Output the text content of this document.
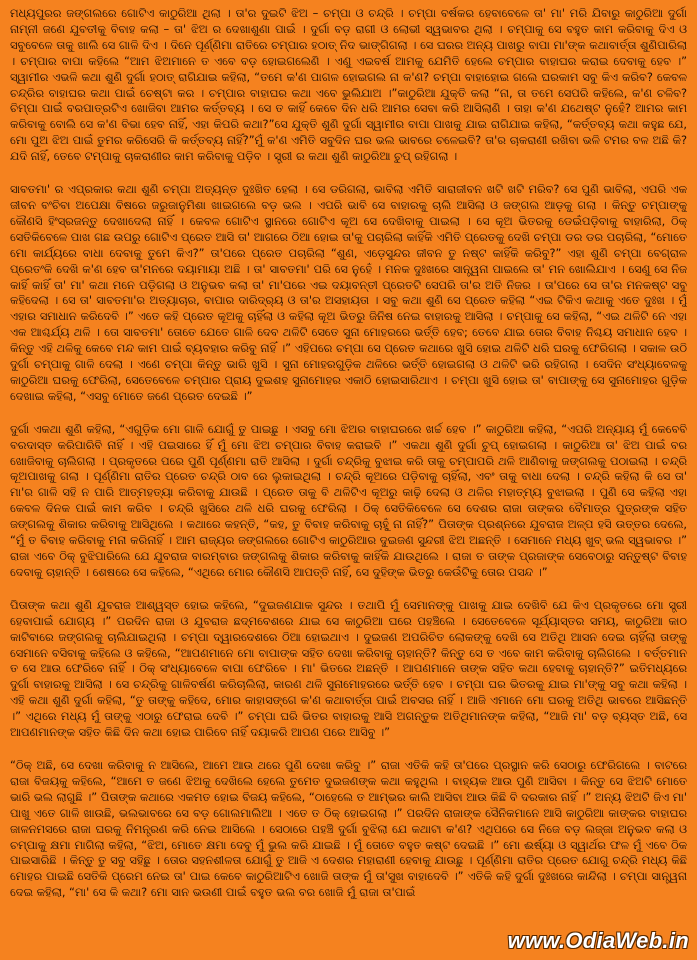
ମଧ୍ୟପୁରର ଜଙ୍ଗଲରେ ଗୋଟିଏ କାଠୁରିଆ ଥିଲା । ତା'ର ଦୁଇଟି ଝିଅ – ଚମ୍ପା ଓ ଚନ୍ଦ୍ରି । ଚମ୍ପା ବର୍ଷକର ହେବାବେଳେ ତା' ମା' ମରି ଯିବାରୁ କାଠୁରିଆ ଦୁର୍ଗା ନାମ୍ନୀ ଜଣେ ଯୁବତୀକୁ ବିବାହ କଲା – ତା' ଝିଅ ର ଦେଖାଶୁଣା ପାଇଁ । ଦୁର୍ଗା ବଡ଼ ରାଗୀ ଓ ଲୋଭୀ ସ୍ୱଭାବର ଥିଲା । ଚମ୍ପାକୁ ସେ ବହୁତ କାମ କରିବାକୁ ଦିଏ ଓ ସବୁବେଳେ ତାକୁ ଖାଲି ସେ ଗାଳି ଦିଏ । ଦିନେ ପୂର୍ଣ୍ଣିମା ରାତିରେ ଚମ୍ପାର ହଠାତ୍ ନିଦ ଭାଙ୍ଗିଗଲା । ସେ ଘରର ଅନ୍ୟ ପାଖରୁ ବାପା ମା'ଙ୍କ କଥାବାର୍ତ୍ତା ଶୁଣିପାରିଲା । ଚମ୍ପାର ବାପା କହିଲେ “ଆମ ଝିଅମାନେ ତ ଏବେ ବଡ଼ ହୋଇଗଲେଣି । ଏଣୁ ଏଇବର୍ଷ ଆମକୁ ଯେମିତି ହେଲେ ଚମ୍ପାର ବାହାଘର କରାଇ ଦେବାକୁ ହେବ ।” ସ୍ୱାମୀର ଏଭଳି କଥା ଶୁଣି ଦୁର୍ଗା ହଠାତ୍ ରାଗିଯାଇ କହିଲା, “ତମେ କ'ଣ ପାଗଳ ହୋଇଗଲ ନା କ'ଣ? ଚମ୍ପା ବାହାହୋଇ ଗଲେ ଘରକାମ ସବୁ କିଏ କରିବ? କେବଳ ଚନ୍ଦ୍ରିର ବାହାଘର କଥା ପାଇଁ ଚେଷ୍ଟା କର । ଚମ୍ପାର ବାହାଘର କଥା ଏବେ ଭୁଲିଯାଅ ।”କାଠୁରିଆ ଯୁକ୍ତି କଲା “ନା, ତା ତମେ ସେପରି କହିଲେ, କ'ଣ ଚଳିବ? ଚିମ୍ପା ପାଇଁ ବରପାତ୍ରଟିଏ ଖୋଜିବା ଆମର କର୍ତ୍ତବ୍ୟ । ସେ ତ କାହିଁ କେବେ ଦିନ ଧରି ଆମର ସେବା କରି ଆସିଲାଣି । ତାହା କ'ଣ ଯଥେଷ୍ଟ ନୁହେଁ? ଆମର କାମ କରିବାକୁ ବୋଲି ସେ କ'ଣ ବିଭା ହେବ ନାହିଁ, ଏହା କିପରି କଥା?”ସେ ଯୁକ୍ତି ଶୁଣି ଦୁର୍ଗା ସ୍ୱାମୀର ବାପା ପାଖକୁ ଯାଇ ରାଗିଯାଇ କହିଲା, “କର୍ତ୍ତବ୍ୟ କଥା କହୁଛ ଯେ, ମୋ ପୁଅ ଝିଅ ପାଇଁ ତୁମର କରିସେରି କି କର୍ତ୍ତବ୍ୟ ନାହିଁ?”ମୁଁ କ'ଣ ଏମିତି ସବୁଦିନ ଘର ଭଲ ଭାବରେ ଚଳେଇବି? ତା'ର ଚାକରାଣୀ ରଖିବା ଭଳି ଟମର ବଳ ଅଛି କି? ଯଦି ନାହିଁ, ତେବେ ଟମ୍ପାକୁ ଚାକରାଣୀର କାମ କରିବାକୁ ପଡ଼ିବ । ସ୍ତ୍ରୀ ର କଥା ଶୁଣି କାଠୁରିଆ ଚୁପ୍ ରହିଗଲା ।

ସାବତମା' ର ଏପ୍ରକାର କଥା ଶୁଣି ଚମ୍ପା ଅତ୍ୟନ୍ତ ଦୁଃଖିତ ହେଲା । ସେ ଡରିଗଲା, ଭାବିଲା ଏମିତି ସାରାଜୀବନ ଖଟି ଖଟି ମରିବ? ସେ ପୁଣି ଭାବିଲା, ଏପରି ଏକ ଜୀବନ ବଂଚିବା ଅପେକ୍ଷା ବିଷରେ ଜରୁଜାନୁମିଶା ଖାଇଗଲେ ବଡ଼ ଭଲ । ଏପରି ଭାବି ସେ ବାହାରକୁ ଚାଲି ଆସିଲା ଓ ଜଙ୍ଗଲ ଆଡ଼କୁ ଗଲା । କିନ୍ତୁ ଚମ୍ପାଙ୍କୁ କୌଣସି ହିଂସ୍ରଜନ୍ତୁ ଦେଖାଦେଲା ନାହିଁ । କେବଳ ଗୋଟିଏ ସ୍ଥାନରେ ଗୋଟିଏ କୂଅ ସେ ଦେଖିବାକୁ ପାଇଲା । ସେ କୂଅ ଭିତରକୁ ଡେଇଁପଡ଼ିବାକୁ ବାହାରିଲା, ଠିକ୍ ସେତିକିବେଳେ ପାଖ ଗଛ ଉପରୁ ଗୋଟିଏ ପ୍ରେତ ଆସି ତା' ଆଗରେ ଠିଆ ହୋଇ ତା'କୁ ପଚାରିଲା କାହିଁକି ଏମିତି ପ୍ରେତକୁ ଦେଖି ଚମ୍ପା ଡର ଡର ପଚାରିଲା, “ମୋତେ ମୋ କାର୍ଯ୍ୟରେ ବାଧା ଦେବାକୁ ତୁମେ କିଏ?” ତା'ପରେ ପ୍ରେତ ପଚାରିଲା “ଶୁଣ, ଏଡ଼େସୁନ୍ଦର ଜୀବନ ତୁ ନଷ୍ଟ କାହିଁକି କରିବୁ?” ଏହା ଶୁଣି ଚମ୍ପା ବେଗ୍ରାଳ ପ୍ରେତଂକି ଦେଖି କ'ଣ ହେବ ତା'ମନରେ ଦୟାମାୟା ଅଛି । ତା' ସାବତମା' ପରି ସେ ନୁହେଁ । ମନକ ଦୁଃଖରେ ସାନ୍ତ୍ୱନା ପାଇଲେ ତା' ମନ ଖୋଲିଯାଏ । ସେଣୁ ସେ ନିଜ କାହିଁ କାହିଁ ତା' ମା' କଥା ମନେ ପଡ଼ିଗଲା ଓ ଅନୁଭବ କଲା ତା' ମା'ପରେ ଏଇ ଦୟାବନ୍ତୀ ପ୍ରେତଟି ସେପରି ତା'ର ଅତି ନିଜର । ତା'ପରେ ସେ ତା'ର ମନକଷ୍ଟ ସବୁ କହିଦେଲା । ସେ ତା' ସାବତମା'ର ଅତ୍ୟାଚାର, ବାପାର ଦାରିଦ୍ର୍ୟ ଓ ତା'ର ଅସହାୟତା । ସବୁ କଥା ଶୁଣି ସେ ପ୍ରେତ କହିଲା “ଏଇ ଟିକିଏ କଥାକୁ ଏତେ ଦୁଃଖ । ମୁଁ ଏହାର ସମାଧାନ କରିଦେବି ।” ଏତେ କହି ପ୍ରେତ କୂଅକୁ ଚାହିଁଲା ଓ କହିଲା କୂଅ ଭିତରୁ ଜିନିଷ ନେଇ ବାହାରକୁ ଆସିଲା । ଚମ୍ପାକୁ ସେ କହିଲା, “ଏଇ ଥଳିଟି ନେ ଏହା ଏକ ଆଶ୍ଚର୍ଯ୍ୟ ଥଳି । ତୋ ସାବତମା' ତୋତେ ଯେତେ ଗାଳି ଦେବ ଥଳିଟି ସେତେ ସୁନା ମୋହରରେ ଭର୍ତ୍ତି ହେବ; ତେବେ ଯାଇ ତୋର ବିବାହ ନିଶ୍ଚୟ ସମାଧାନ ହେବ । କିନ୍ତୁ ଏହି ଥଳିକୁ କେବେ ମନ୍ଦ କାମ ପାଇଁ ବ୍ୟବହାର କରିବୁ ନାହିଁ ।” ଏହିପରେ ଚମ୍ପା ସେ ପ୍ରେତ କଥାରେ ଖୁସି ହୋଇ ଥଳିଟି ଧରି ଘରକୁ ଫେରିଗଲା । ସକାଳ ଉଠି ଦୁର୍ଗା ଚମ୍ପାକୁ ଗାଳି ଦେଲା । ଏଣେ ଚମ୍ପା କିନ୍ତୁ ଭାରି ଖୁସି । ସୁନା ମୋହରଗୁଡ଼ିକ ଥଳିରେ ଭର୍ତ୍ତି ହୋଇଗଲା ଓ ଥଳିଟି ଭରି ରହିଗଲା । ସେଦିନ ସଂଧ୍ୟାବେଳକୁ କାଠୁରିଆ ଘରକୁ ଫେରିଲା, ସେତେବେଳେ ଚମ୍ପାର ପ୍ରାୟ ଦୁଇଶହ ସୁନାମୋହର ଏକାଠି ହୋଇସାରିଥାଏ । ଚମ୍ପା ଖୁସି ହୋଇ ତା' ବାପାଙ୍କୁ ସେ ସୁନାମୋହର ଗୁଡ଼ିକ ଦେଖାଇ କହିଲା, “ଏସବୁ ମୋତେ ଜଣେ ପ୍ରେତ ଦେଇଛି ।”

ଦୁର୍ଗା ଏକଥା ଶୁଣି କହିଲା, “ଏଗୁଡ଼ିକ ମୋ ଗାଳି ଯୋଗୁଁ ତୁ ପାଇଛୁ । ଏସବୁ ମୋ ଝିଅର ବାହାଘରରେ ଖର୍ଚ୍ଚ ହେବ ।” କାଠୁରିଆ କହିଲା, “ଏପରି ଅନ୍ୟାୟ ମୁଁ କେବେବି ବରଦାସ୍ତ କରିପାରିବି ନାହିଁ । ଏହି ପଇସାରେ ହିଁ ମୁଁ ମୋ ଝିଅ ଚମ୍ପାର ବିବାହ କରାଇବି ।” ଏକଥା ଶୁଣି ଦୁର୍ଗା ଚୁପ୍ ହୋଇଗଲା । କାଠୁରିଆ ତା' ଝିଅ ପାଇଁ ବର ଖୋଜିବାକୁ ଚାଲିଗଲା । ପ୍ରକୃତରେ ପରେ ପୁଣି ପୂର୍ଣ୍ଣମା ରାତି ଆସିଲା । ଦୁର୍ଗା ଚନ୍ଦ୍ରିକୁ ବୁଝାଇ କରି ତାକୁ ଚମ୍ପାପରି ଥଳି ଆଣିବାକୁ ଜଙ୍ଗଲକୁ ପଠାଇଲା । ଚନ୍ଦ୍ରି କୂଅପାଖକୁ ଗଲା । ପୂର୍ଣ୍ଣିମା ରାତିର ପ୍ରେତ ଚନ୍ଦ୍ରି ଠାବ ରେ ଲୁକାଇଥିଲା । ଚନ୍ଦ୍ରି କୂଅରେ ପଡ଼ିବାକୁ ଚାହିଁଲା, ଏବଂ ତାକୁ ବାଧା ଦେଲା । ଚନ୍ଦ୍ରି କହିଲା କି ସେ ତା' ମା'ର ଗାଳି ସହି ନ ପାରି ଆତ୍ମହତ୍ୟା କରିବାକୁ ଯାଉଛି । ପ୍ରେତ ତାକୁ ବି ଥଳିଟିଏ କୂଅରୁ କାଢ଼ି ଦେଲା ଓ ଥଳିର ମହାତ୍ମ୍ୟ ବୁଝାଇଲା । ପୁଣି ସେ କହିଲା ଏହା କେବଳ ଦିନକ ପାଇଁ କାମ କରିବ । ଚନ୍ଦ୍ରି ଖୁସିରେ ଥଳି ଧରି ଘରକୁ ଫେରିଲା । ଠିକ୍ ସେତିକିବେଳେ ସେ ଦେଶର ରାଜା ତାଙ୍କର ବୈମାତ୍ର ପୁତ୍ରଙ୍କ ସହିତ ଜଙ୍ଗଲକୁ ଶିକାର କରିବାକୁ ଆସିଥିଲେ । କଥାରେ କହନ୍ତି, “କହ, ତୁ ବିବାହ କରିବାକୁ ଚାହୁଁ ନା ନାହିଁ?” ପିତାଙ୍କ ପ୍ରଶ୍ନରେ ଯୁବରାଜ ଅଳ୍ପ ହସି ଉତ୍ତର ଦେଲେ, “ମୁଁ ତ ବିବାହ କରିବାକୁ ମନା କରିନାହିଁ । ଆମ ରାଜ୍ୟର ଜଙ୍ଗଲରେ ଗୋଟିଏ କାଠୁରିଆର ଦୁଇଜଣ ସୁନ୍ଦରୀ ଝିଅ ଅଛନ୍ତି । ସେମାନେ ମଧ୍ୟ ଖୁବ୍ ଭଲ ସ୍ୱଭାବର ।” ରାଜା ଏବେ ଠିକ୍ ବୁଝିପାରିଲେ ଯେ ଯୁବରାଜ ବାରମ୍ବାର ଜଙ୍ଗଲକୁ ଶିକାର କରିବାକୁ କାହିଁକି ଯାଉଥିଲେ । ରାଜା ତ ତାଙ୍କ ପ୍ରଜାଙ୍କ ସେବେଠାରୁ ସନ୍ତୁଷ୍ଟ ବିବାହ ଦେବାକୁ ଚାହାନ୍ତି । ଶେଷରେ ସେ କହିଲେ, “ଏଥିରେ ମୋର କୌଣସି ଆପତ୍ତି ନାହିଁ, ସେ ଦୁହିଙ୍କ ଭିତରୁ କେଉଁଟିକୁ ତୋର ପସନ୍ଦ ।”

ପିତାଙ୍କ କଥା ଶୁଣି ଯୁବରାଜ ଆଶ୍ୱସ୍ତ ହୋଇ କହିଲେ, “ଦୁଇଜଣଯାକ ସୁନ୍ଦର । ତଥାପି ମୁଁ ସେମାନଙ୍କୁ ପାଖକୁ ଯାଇ ଦେଖିବି ଯେ କିଏ ପ୍ରକୃତରେ ମୋ ସ୍ତ୍ରୀ ହେବାପାଇଁ ଯୋଗ୍ୟ ।” ପରଦିନ ରାଜା ଓ ଯୁବରାଜ ଛଦ୍ମବେଶରେ ଯାଇ ସେ କାଠୁରିଆ ଘରେ ପହଞ୍ଚିଲେ । ସେତେବେଳେ ସୂର୍ଯ୍ୟାସ୍ତର ସମୟ, କାଠୁରିଆ କାଠ କାଟିବାରେ ଜଙ୍ଗଲକୁ ଚାଲିଯାଇଥିଲା । ଚମ୍ପା ଦ୍ୱାରଦେଶରେ ଠିଆ ହୋଇଥାଏ । ଦୁଇଜଣ ଅପରିଚିତ ଲୋକଙ୍କୁ ଦେଖି ସେ ଅତିଥି ଆସନ ଦେଇ ଚାହିଁଲା ତାଙ୍କୁ ସେମାନେ ବସିବାକୁ କହିଲେ ଓ କହିଲେ, “ଆପଣମାନେ ମୋ ବାପାଙ୍କ ସହିତ ଦେଖା କରିବାକୁ ଚାହାନ୍ତି? କିନ୍ତୁ ସେ ତ ଏବେ କାମ କରିବାକୁ ଚାଲିଗଲେ । ବର୍ତ୍ତମାନ ତ ସେ ଆଉ ଫେରିବେ ନାହିଁ । ଠିକ୍ ସଂଧ୍ୟାବେଳେ ବାପା ଫେରିବେ । ମା' ଭିତରେ ଅଛନ୍ତି । ଆପଣମାନେ ତାଙ୍କ ସହିତ କଥା ହେବାକୁ ଚାହାନ୍ତି?” ଇତିମଧ୍ୟରେ ଦୁର୍ଗା ବାହାରକୁ ଆସିଲା । ସେ ଚନ୍ଦ୍ରିକୁ ଗାଳିବର୍ଷଣ କରିଚାଲିଲା, କାରଣ ଥଳି ସୁନାମୋହରରେ ଭର୍ତ୍ତି ହେବ । ଚମ୍ପା ଘର ଭିତରକୁ ଯାଇ ମା'ଙ୍କୁ ସବୁ କଥା କହିଲା । ଏହି କଥା ଶୁଣି ଦୁର୍ଗା କହିଲା, “ତୁ ତାଙ୍କୁ କହିଦେ, ମୋର କାହାସଙ୍ଗେ କ'ଣ କଥାବାର୍ତ୍ତା ପାଇଁ ଅବସର ନାହିଁ । ଆଜି ଏମାନେ ମୋ ଘରକୁ ଅତିଥି ଭାବରେ ଆସିଛନ୍ତି ।” ଏଥିରେ ମଧ୍ୟ ମୁଁ ତାଙ୍କୁ ଏଠାରୁ ଫେରାଇ ଦେବି ।” ଚମ୍ପା ଘରି ଭିତର ବାହାରକୁ ଆସି ଅଗନ୍ତୁକ ଅତିଥିମାନଙ୍କ କହିଲା, “ଆଜି ମା' ବଡ଼ ବ୍ୟସ୍ତ ଅଛି, ସେ ଆପଣମାନଙ୍କ ସହିତ କିଛି ଦିନ କଥା ହୋଇ ପାରିବେ ନାହିଁ ଦୟାକରି ଆପଣ ପରେ ଆସିବୁ ।”

“ଠିକ୍ ଅଛି, ସେ ଦେଖା କରିବାକୁ ନ ଆସିଲେ, ଆମେ ଆଉ ଥରେ ପୁଣି ଦେଖା କରିବୁ ।” ରାଜା ଏତିକି କହି ତା'ପରେ ପ୍ରସ୍ଥାନ କରି ସେଠାରୁ ଫେରିଗଲେ । ବାଟରେ ରାଜା ବିଜୟକୁ କହିଲେ, “ଆମେ ତ ଜଣେ ଝିଅକୁ ଦେଖିଲେ ହେଲେ ତୁମେତ ଦୁଇଜଣଙ୍କ କଥା କହୁଥିଲ । ବାହ୍ୟକ ଆଉ ପୁଣି ଆସିବା । କିନ୍ତୁ ସେ ଝିଅଟି ମୋତେ ଭାରି ଭଲ ଲାଗୁଛି ।” ପିତାଙ୍କ କଥାରେ ଏକମତ ହୋଇ ବିଜୟ କହିଲେ, “ଠାହେଲେ ତ ଆମ୍ଭର କାଲି ଆସିବା ଆଉ କିଛି ବି ଦରକାର ନାହିଁ ।” ଅନ୍ୟ ଝିଅଟି ଜିଏ ମା' ପାଖୁ ଏତେ ଗାଳି ଖାଉଛି, ଭଲଭାବରେ ସେ ବଡ଼ ଗୋଲମାଲିଆ । ଏତେ ତ ଠିକ୍ ହୋଇଗଲା ।” ପରଦିନ ରାଜାଙ୍କ ସୈନିକମାନେ ଆସି କାଠୁରିଆ କାଙ୍କର ବାହାଘର ଜାଳନମସରେ ରାଜା ଘରକୁ ନିମନ୍ତ୍ରଣ କରି ନେଇ ଆସିଲେ । ସେଠାରେ ପହଞ୍ଚି ଦୁର୍ଗା ବୁଝିଲା ଯେ କଥାଟା କ'ଣ? ଏଥିପରେ ସେ ନିଜେ ବଡ଼ ଲଜ୍ଜା ଅନୁଭବ କଲା ଓ ଚମ୍ପାକୁ କ୍ଷମା ମାଗିଲା କହିଲା, “ଝିଅ, ମୋତେ କ୍ଷମା ଦେବୁ ମୁଁ ଭୁଲ କରି ଯାଇଛି । ମୁଁ ତୋତେ ବହୁତ କଷ୍ଟ ଦେଇଛି ।” ମୋ ଈର୍ଷ୍ୟା ଓ ସ୍ୱାର୍ଥର ଫଳ ମୁଁ ଏବେ ଠିକ ପାଇସାରିଛି । କିନ୍ତୁ ତୁ ସବୁ ସହିଛୁ । ତୋର ସହନଶୀଳତା ଯୋଗୁଁ ତୁ ଆଜି ଏ ଦେଶର ମହାରାଣୀ ହେବାକୁ ଯାଉଛୁ । ପୂର୍ଣ୍ଣିମା ରାତିର ପ୍ରେତ ଯୋଗୁ ଚନ୍ଦ୍ରି ମଧ୍ୟ କିଛି ମୋହର ପାଇଛି ସେତିକି ପ୍ରେମ ନେଇ ତା' ପାଇ କେବେ କାଠୁରିଆଟିଏ ଖୋଜି ତାଙ୍କ ମୁଁ ତା'ସୁଖ ବାହାଦେବି ।” ଏତିକି କହି ଦୁର୍ଗା ଦୁଃଖରେ କାନ୍ଦିଲା । ଚମ୍ପା ସାନ୍ତ୍ୱନା ଦେଇ କହିଲା, “ମା' ସେ କି କଥା? ମୋ ସାନ ଭଉଣୀ ପାଇଁ ବହୁତ ଭଲ ବର ଖୋଜି ମୁଁ ରାଜା ତା'ପାଇଁ

www.OdiaWeb.in
